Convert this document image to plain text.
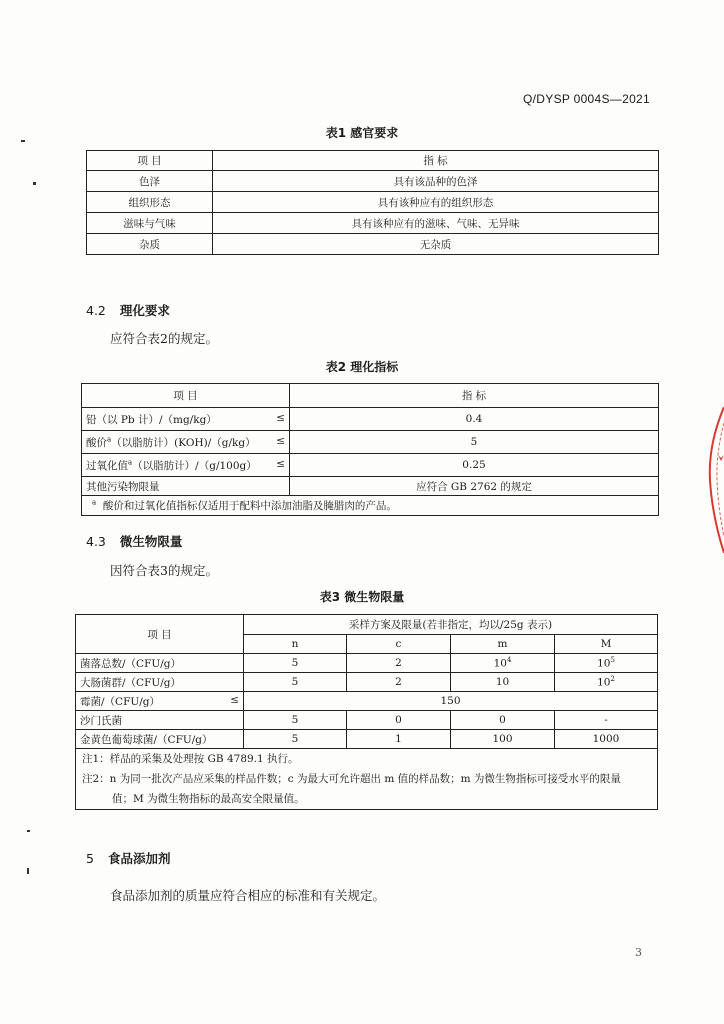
Q/DYSP 0004S—2021
表1 感官要求
项 目	指 标
色泽	具有该品种的色泽
组织形态	具有该种应有的组织形态
滋味与气味	具有该种应有的滋味、气味、无异味
杂质	无杂质
4.2 理化要求
应符合表2的规定。
表2 理化指标
项 目	指 标
铅（以 Pb 计）/（mg/kg） ≤	0.4
酸价$^a$（以脂肪计）(KOH)/（g/kg） ≤	5
过氧化值$^a$（以脂肪计）/（g/100g） ≤	0.25
其他污染物限量	应符合 GB 2762 的规定
$^a$ 酸价和过氧化值指标仅适用于配料中添加油脂及腌腊肉的产品。	
4.3 微生物限量
因符合表3的规定。
表3 微生物限量
项 目	采样方案及限量(若非指定，均以/25g 表示)			
	n	c	m	M
菌落总数/（CFU/g）	5	2	$10^4$	$10^5$
大肠菌群/（CFU/g）	5	2	10	$10^2$
霉菌/（CFU/g） ≤	150			
沙门氏菌	5	0	0	-
金黄色葡萄球菌/（CFU/g）	5	1	100	1000

注1：样品的采集及处理按 GB 4789.1 执行。
注2：n 为同一批次产品应采集的样品件数；c 为最大可允许超出 m 值的样品数；m 为微生物指标可接受水平的限量
值；M 为微生物指标的最高安全限量值。				
5 食品添加剂
食品添加剂的质量应符合相应的标准和有关规定。
3
